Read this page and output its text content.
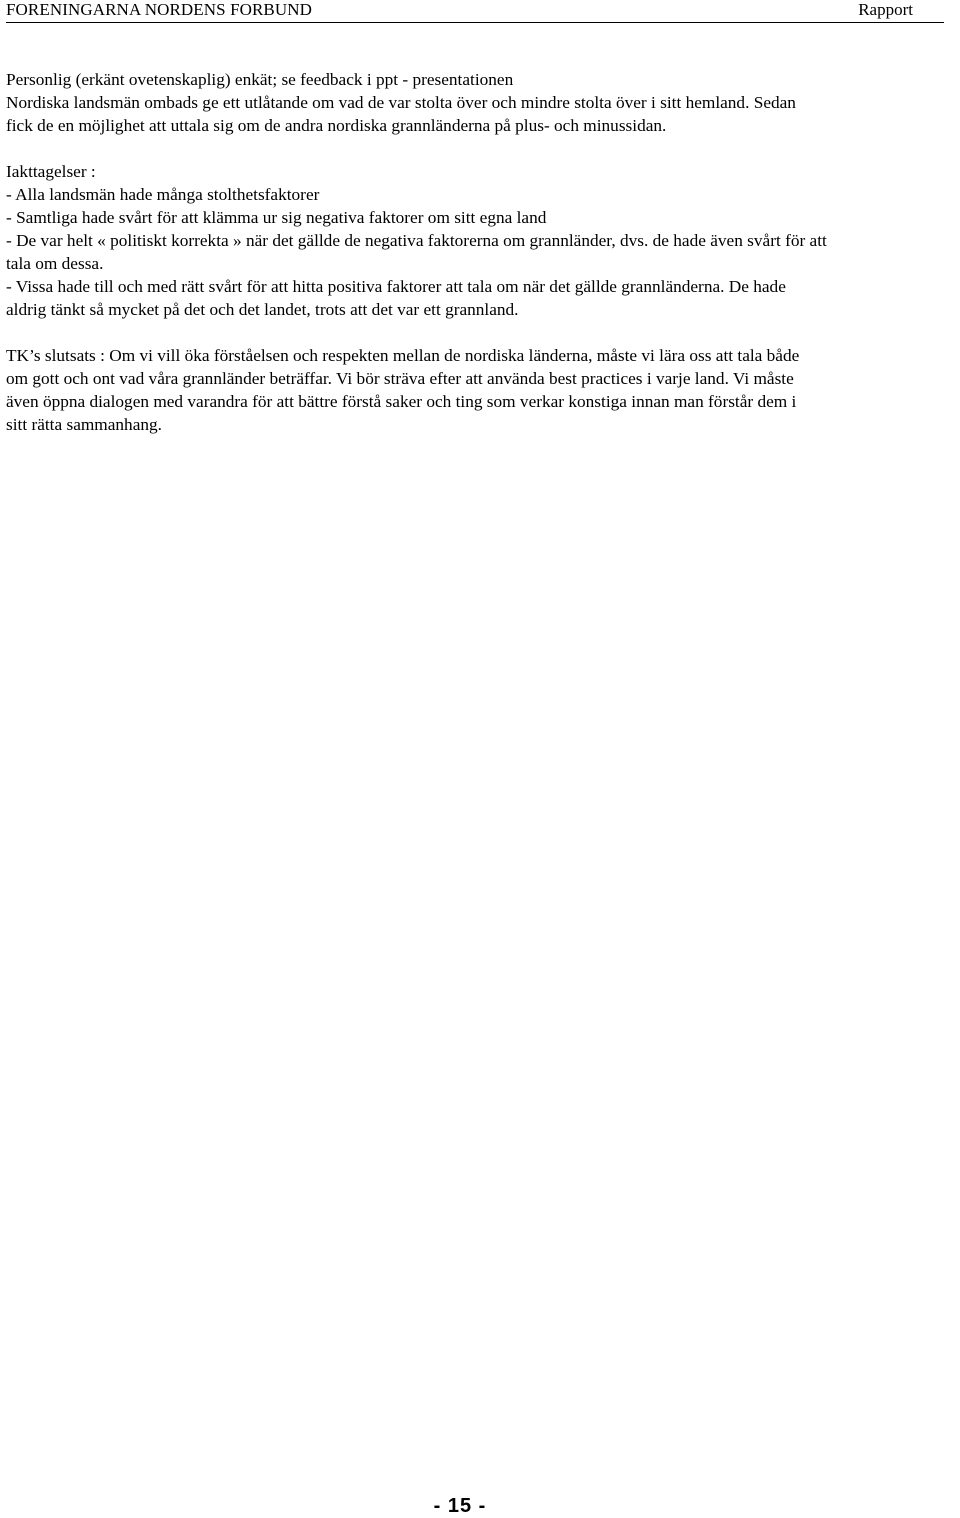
FORENINGARNA NORDENS FORBUND	Rapport
Personlig (erkänt ovetenskaplig) enkät; se feedback i ppt - presentationen
Nordiska landsmän ombads ge ett utlåtande om vad de var stolta över och mindre stolta över i sitt hemland. Sedan
fick de en möjlighet att uttala sig om de andra nordiska grannländerna på plus- och minussidan.
Iakttagelser :
- Alla landsmän hade många stolthetsfaktorer
- Samtliga hade svårt för att klämma ur sig negativa faktorer om sitt egna land
- De var helt « politiskt korrekta » när det gällde de negativa faktorerna om grannländer, dvs. de hade även svårt för att
tala om dessa.
- Vissa hade till och med rätt svårt för att hitta positiva faktorer att tala om när det gällde grannländerna. De hade
aldrig tänkt så mycket på det och det landet, trots att det var ett grannland.
TK’s slutsats : Om vi vill öka förståelsen och respekten mellan de nordiska länderna, måste vi lära oss att tala både
om gott och ont vad våra grannländer beträffar. Vi bör sträva efter att använda best practices i varje land. Vi måste
även öppna dialogen med varandra för att bättre förstå saker och ting som verkar konstiga innan man förstår dem i
sitt rätta sammanhang.
- 15 -
